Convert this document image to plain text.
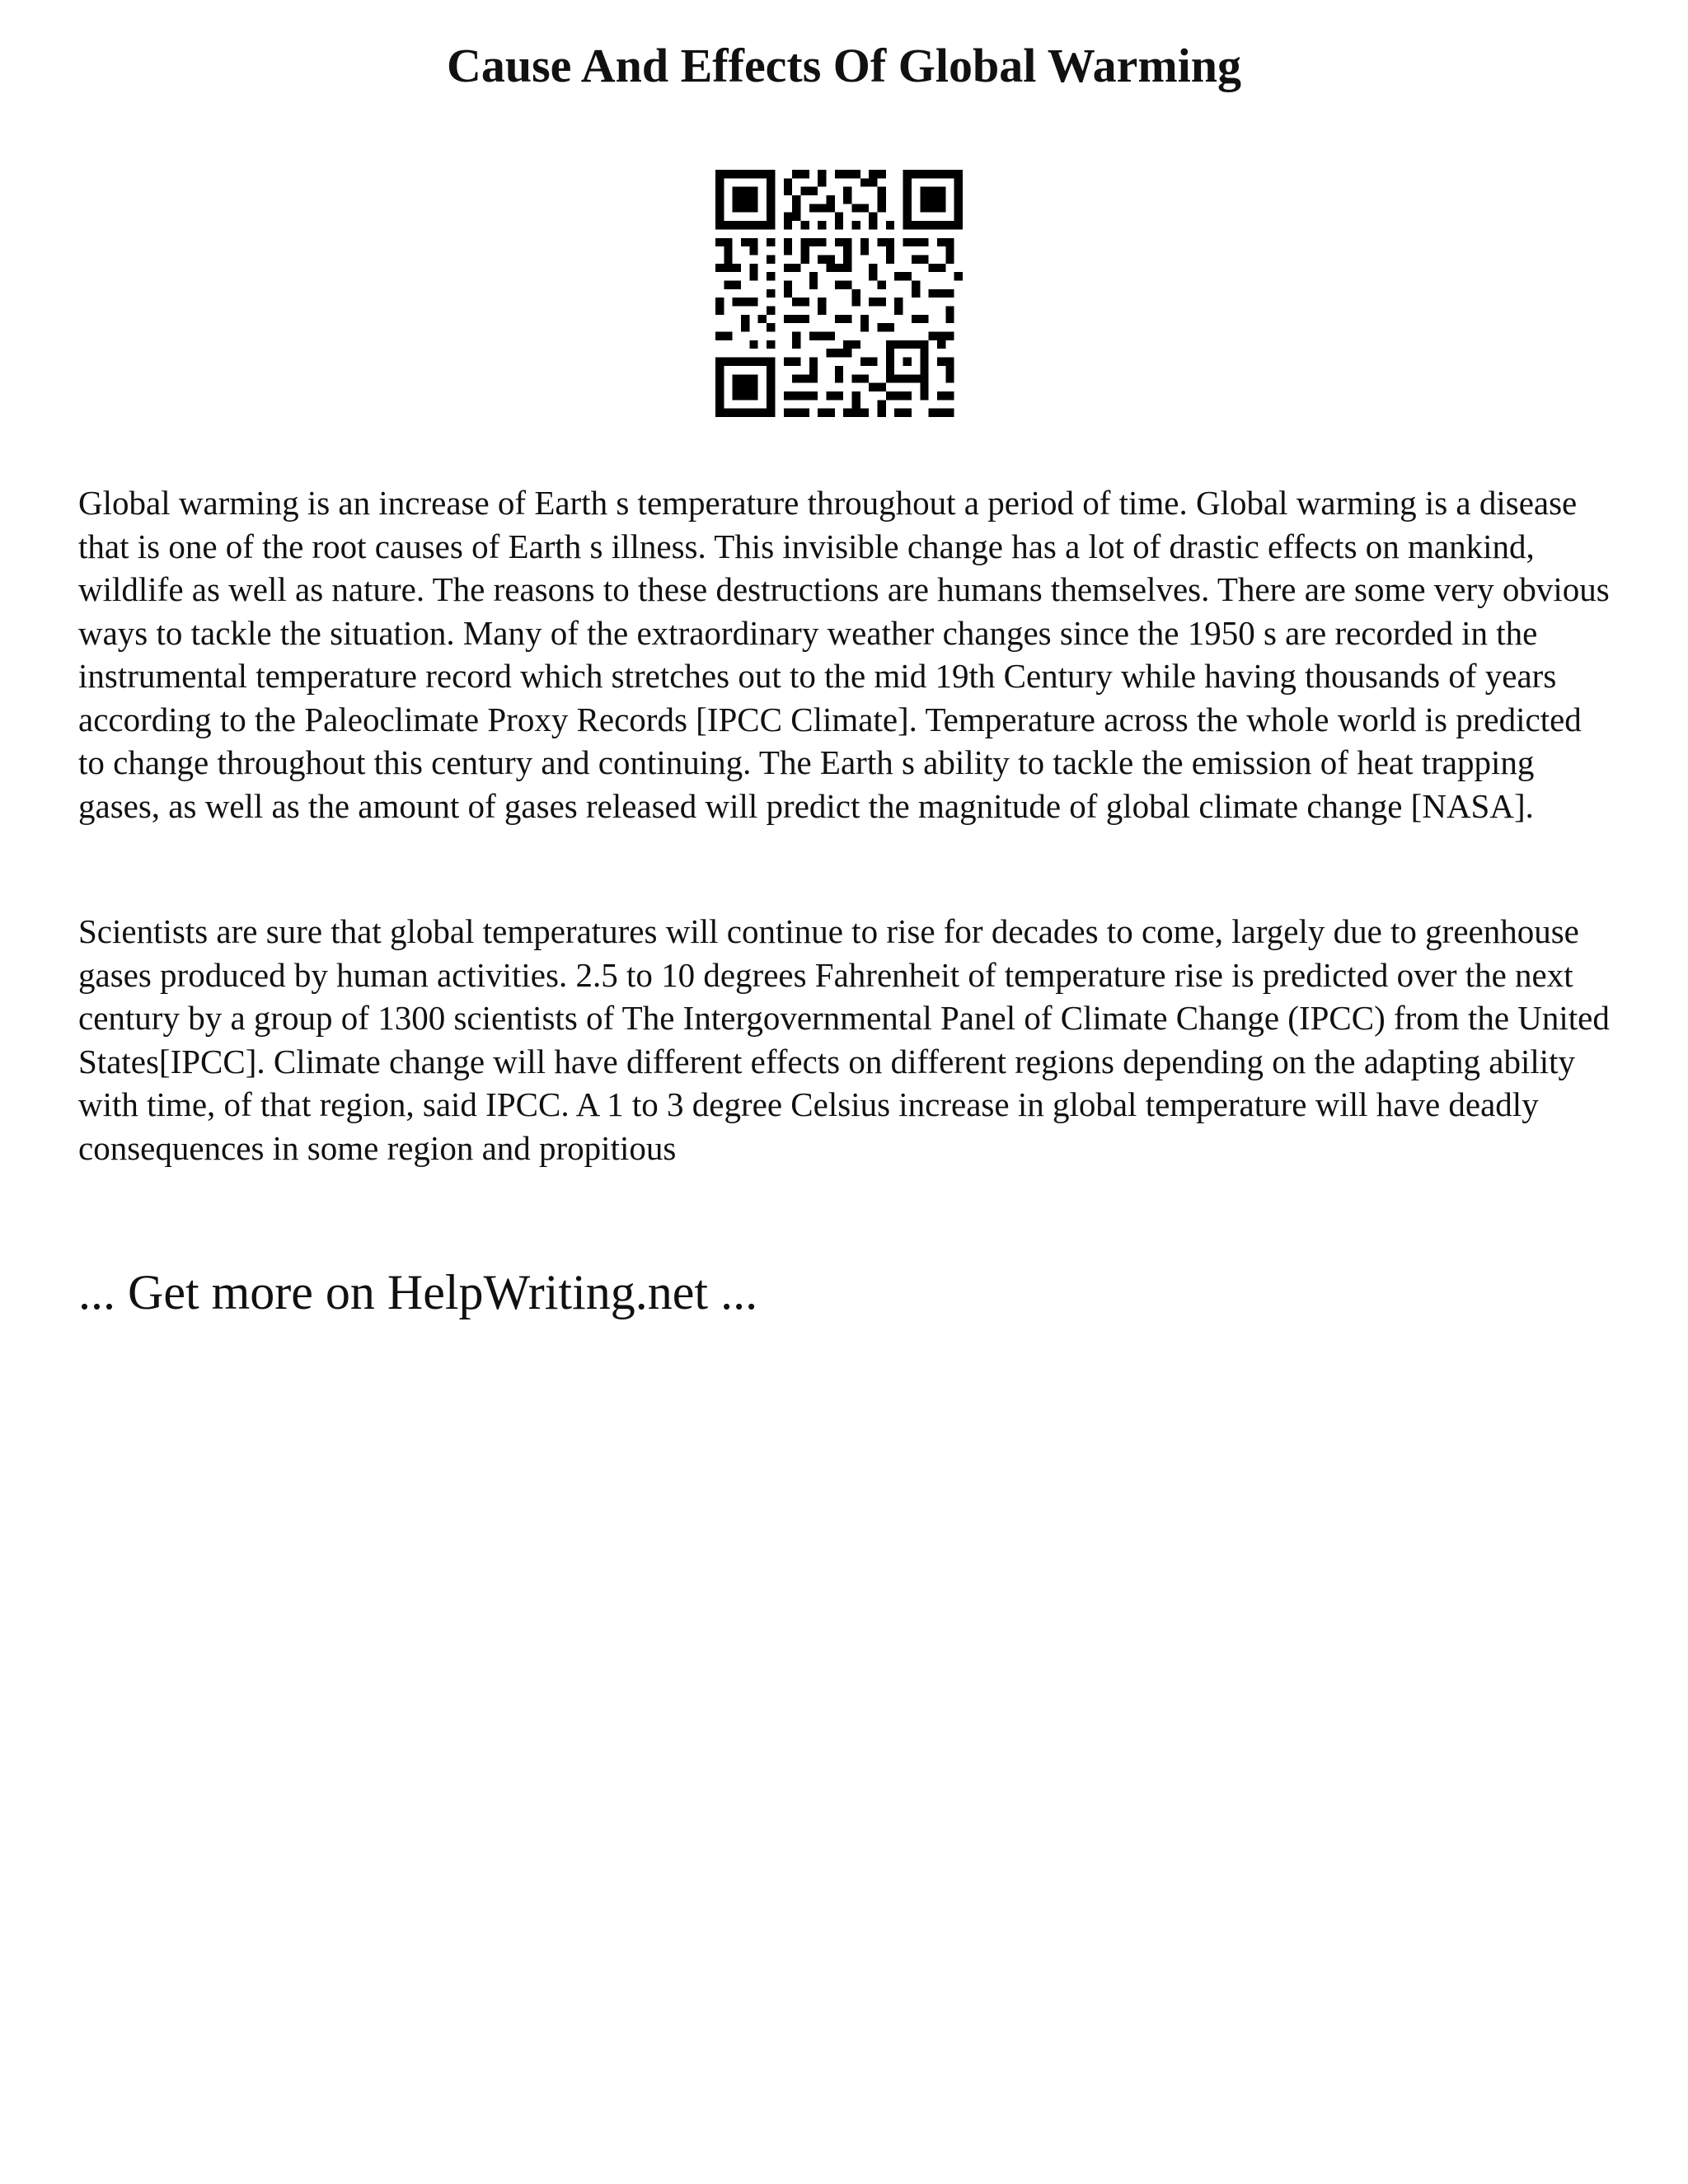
Cause And Effects Of Global Warming

Global warming is an increase of Earth s temperature throughout a period of time. Global warming is a disease that is one of the root causes of Earth s illness. This invisible change has a lot of drastic effects on mankind, wildlife as well as nature. The reasons to these destructions are humans themselves. There are some very obvious ways to tackle the situation. Many of the extraordinary weather changes since the 1950 s are recorded in the instrumental temperature record which stretches out to the mid 19th Century while having thousands of years according to the Paleoclimate Proxy Records [IPCC Climate]. Temperature across the whole world is predicted to change throughout this century and continuing. The Earth s ability to tackle the emission of heat trapping gases, as well as the amount of gases released will predict the magnitude of global climate change [NASA].

Scientists are sure that global temperatures will continue to rise for decades to come, largely due to greenhouse gases produced by human activities. 2.5 to 10 degrees Fahrenheit of temperature rise is predicted over the next century by a group of 1300 scientists of The Intergovernmental Panel of Climate Change (IPCC) from the United States[IPCC]. Climate change will have different effects on different regions depending on the adapting ability with time, of that region, said IPCC. A 1 to 3 degree Celsius increase in global temperature will have deadly consequences in some region and propitious

... Get more on HelpWriting.net ...
